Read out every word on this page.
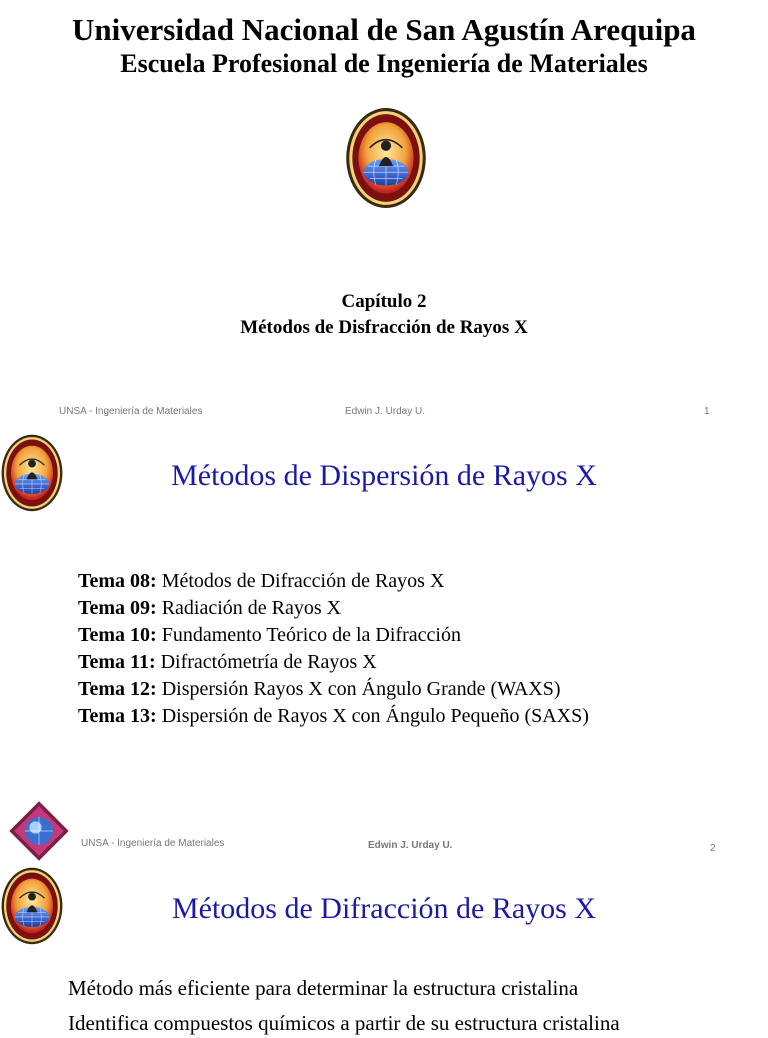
Universidad Nacional de San Agustín Arequipa
Escuela Profesional de Ingeniería de Materiales
Capítulo 2
Métodos de Disfracción de Rayos X
UNSA - Ingeniería de Materiales	Edwin J. Urday U.	1
Métodos de Dispersión de Rayos X
Tema 08: Métodos de Difracción de Rayos X
Tema 09: Radiación de Rayos X
Tema 10: Fundamento Teórico de la Difracción
Tema 11: Difractómetría de Rayos X
Tema 12: Dispersión Rayos X con Ángulo Grande (WAXS)
Tema 13: Dispersión de Rayos X con Ángulo Pequeño (SAXS)
UNSA - Ingeniería de Materiales	Edwin J. Urday U.	2
Métodos de Difracción de Rayos X
Método más eficiente para determinar la estructura cristalina
Identifica compuestos químicos a partir de su estructura cristalina
